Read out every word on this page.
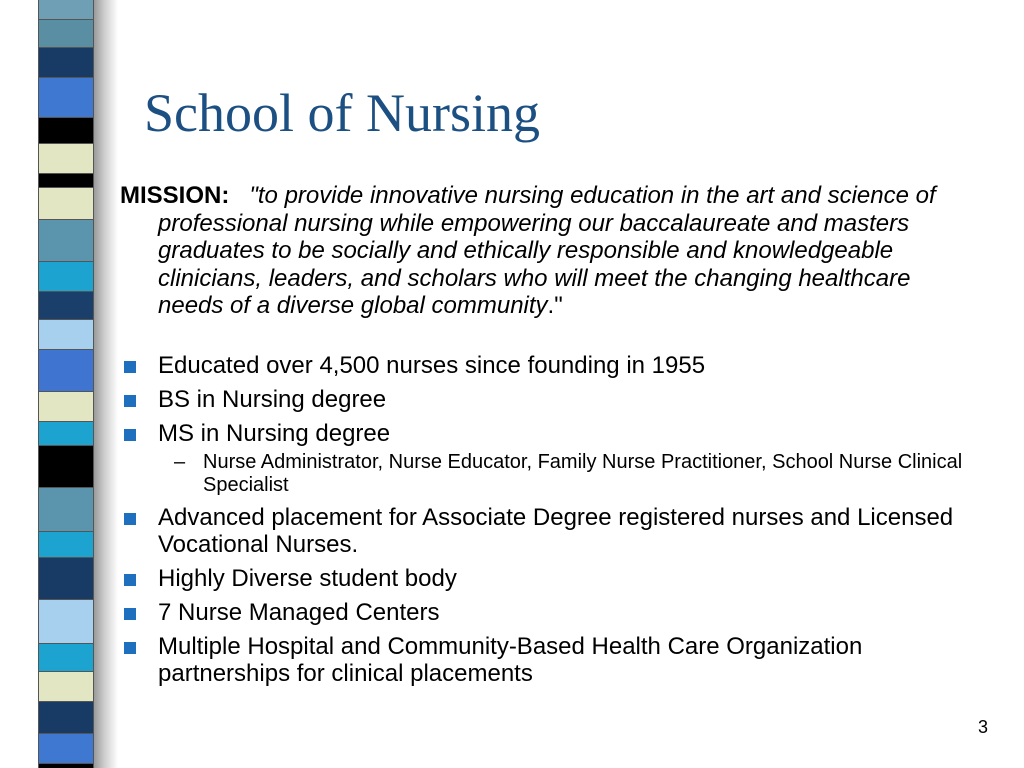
School of Nursing

MISSION: "to provide innovative nursing education in the art and science of professional nursing while empowering our baccalaureate and masters graduates to be socially and ethically responsible and knowledgeable clinicians, leaders, and scholars who will meet the changing healthcare needs of a diverse global community."

Educated over 4,500 nurses since founding in 1955
BS in Nursing degree
MS in Nursing degree
– Nurse Administrator, Nurse Educator, Family Nurse Practitioner, School Nurse Clinical Specialist
Advanced placement for Associate Degree registered nurses and Licensed Vocational Nurses.
Highly Diverse student body
7 Nurse Managed Centers
Multiple Hospital and Community-Based Health Care Organization partnerships for clinical placements
3
